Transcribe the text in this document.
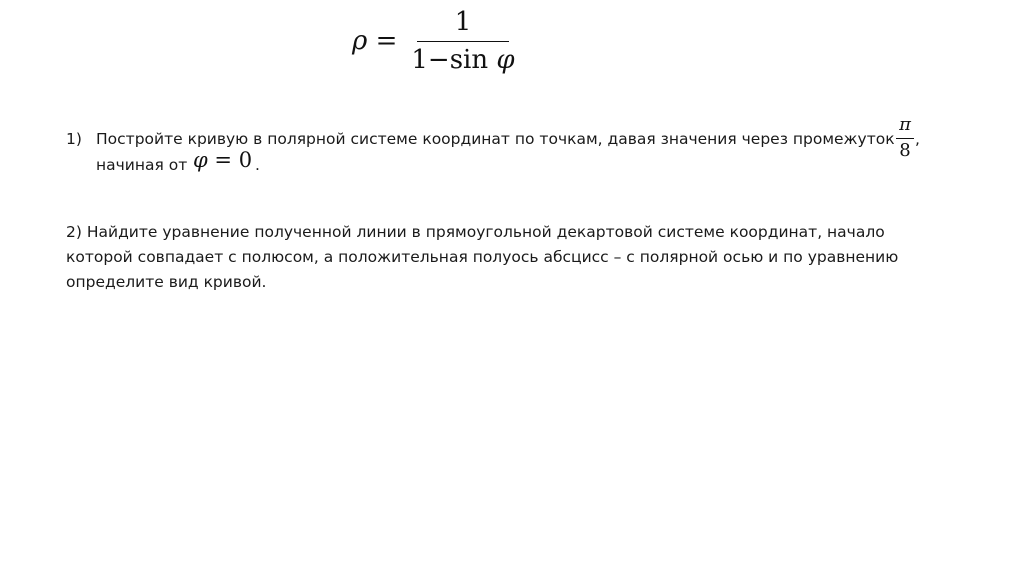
$\rho = \frac{1}{\text{1−sin φ}}$
1) Постройте кривую в полярной системе координат по точкам, давая значения через промежуток
π
8
,
начиная от φ = 0 .
2) Найдите уравнение полученной линии в прямоугольной декартовой системе координат, начало
которой совпадает с полюсом, а положительная полуось абсцисс – с полярной осью и по уравнению
определите вид кривой.
